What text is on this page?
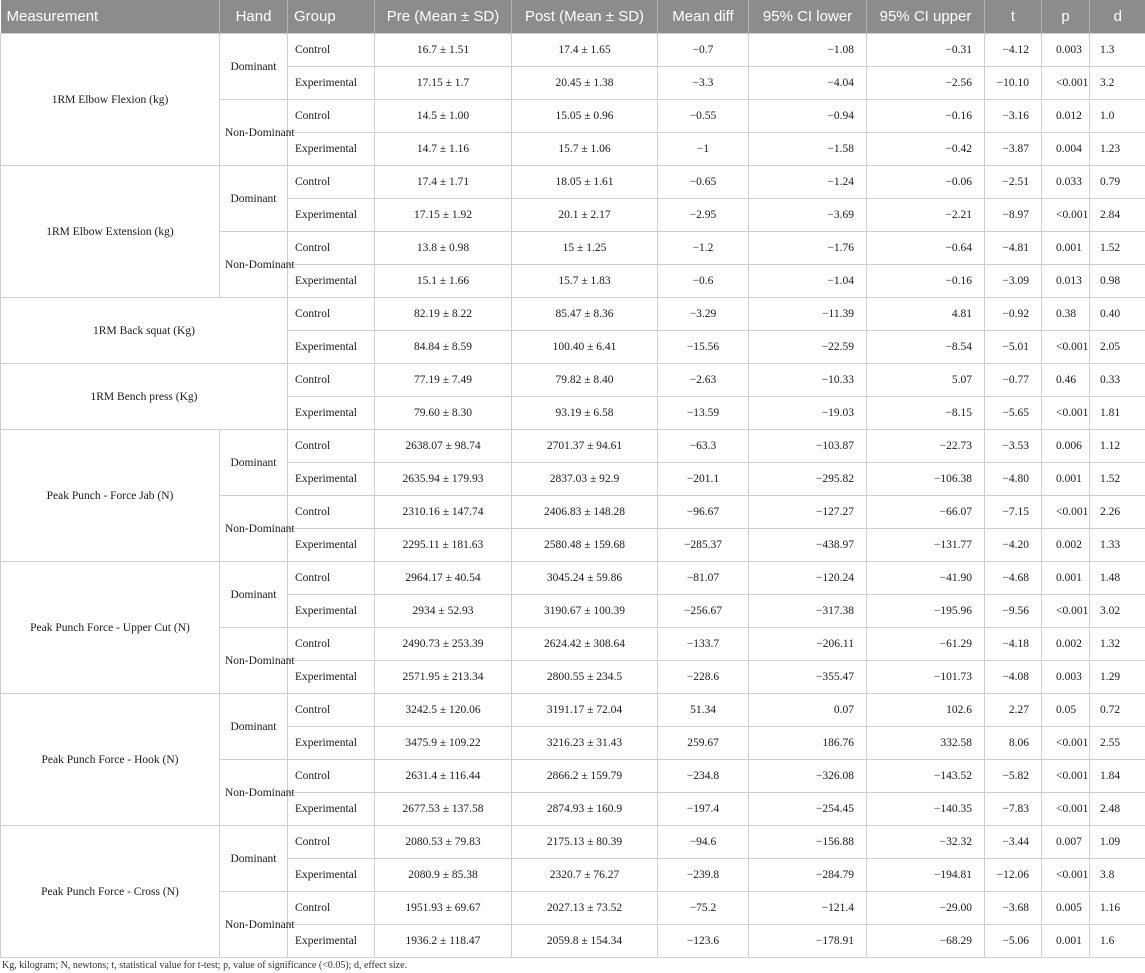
Measurement	Hand	Group	Pre (Mean ± SD)	Post (Mean ± SD)	Mean diff	95% CI lower	95% CI upper	t	p	d
1RM Elbow Flexion (kg)	Dominant	Control	16.7 ± 1.51	17.4 ± 1.65	−0.7	−1.08	−0.31	−4.12	0.003	1.3
		Experimental	17.15 ± 1.7	20.45 ± 1.38	−3.3	−4.04	−2.56	−10.10	<0.001	3.2
	Non-Dominant	Control	14.5 ± 1.00	15.05 ± 0.96	−0.55	−0.94	−0.16	−3.16	0.012	1.0
		Experimental	14.7 ± 1.16	15.7 ± 1.06	−1	−1.58	−0.42	−3.87	0.004	1.23
1RM Elbow Extension (kg)	Dominant	Control	17.4 ± 1.71	18.05 ± 1.61	−0.65	−1.24	−0.06	−2.51	0.033	0.79
		Experimental	17.15 ± 1.92	20.1 ± 2.17	−2.95	−3.69	−2.21	−8.97	<0.001	2.84
	Non-Dominant	Control	13.8 ± 0.98	15 ± 1.25	−1.2	−1.76	−0.64	−4.81	0.001	1.52
		Experimental	15.1 ± 1.66	15.7 ± 1.83	−0.6	−1.04	−0.16	−3.09	0.013	0.98
1RM Back squat (Kg)		Control	82.19 ± 8.22	85.47 ± 8.36	−3.29	−11.39	4.81	−0.92	0.38	0.40
		Experimental	84.84 ± 8.59	100.40 ± 6.41	−15.56	−22.59	−8.54	−5.01	<0.001	2.05
1RM Bench press (Kg)		Control	77.19 ± 7.49	79.82 ± 8.40	−2.63	−10.33	5.07	−0.77	0.46	0.33
		Experimental	79.60 ± 8.30	93.19 ± 6.58	−13.59	−19.03	−8.15	−5.65	<0.001	1.81
Peak Punch - Force Jab (N)	Dominant	Control	2638.07 ± 98.74	2701.37 ± 94.61	−63.3	−103.87	−22.73	−3.53	0.006	1.12
		Experimental	2635.94 ± 179.93	2837.03 ± 92.9	−201.1	−295.82	−106.38	−4.80	0.001	1.52
	Non-Dominant	Control	2310.16 ± 147.74	2406.83 ± 148.28	−96.67	−127.27	−66.07	−7.15	<0.001	2.26
		Experimental	2295.11 ± 181.63	2580.48 ± 159.68	−285.37	−438.97	−131.77	−4.20	0.002	1.33
Peak Punch Force - Upper Cut (N)	Dominant	Control	2964.17 ± 40.54	3045.24 ± 59.86	−81.07	−120.24	−41.90	−4.68	0.001	1.48
		Experimental	2934 ± 52.93	3190.67 ± 100.39	−256.67	−317.38	−195.96	−9.56	<0.001	3.02
	Non-Dominant	Control	2490.73 ± 253.39	2624.42 ± 308.64	−133.7	−206.11	−61.29	−4.18	0.002	1.32
		Experimental	2571.95 ± 213.34	2800.55 ± 234.5	−228.6	−355.47	−101.73	−4.08	0.003	1.29
Peak Punch Force - Hook (N)	Dominant	Control	3242.5 ± 120.06	3191.17 ± 72.04	51.34	0.07	102.6	2.27	0.05	0.72
		Experimental	3475.9 ± 109.22	3216.23 ± 31.43	259.67	186.76	332.58	8.06	<0.001	2.55
	Non-Dominant	Control	2631.4 ± 116.44	2866.2 ± 159.79	−234.8	−326.08	−143.52	−5.82	<0.001	1.84
		Experimental	2677.53 ± 137.58	2874.93 ± 160.9	−197.4	−254.45	−140.35	−7.83	<0.001	2.48
Peak Punch Force - Cross (N)	Dominant	Control	2080.53 ± 79.83	2175.13 ± 80.39	−94.6	−156.88	−32.32	−3.44	0.007	1.09
		Experimental	2080.9 ± 85.38	2320.7 ± 76.27	−239.8	−284.79	−194.81	−12.06	<0.001	3.8
	Non-Dominant	Control	1951.93 ± 69.67	2027.13 ± 73.52	−75.2	−121.4	−29.00	−3.68	0.005	1.16
		Experimental	1936.2 ± 118.47	2059.8 ± 154.34	−123.6	−178.91	−68.29	−5.06	0.001	1.6
Kg, kilogram; N, newtons; t, statistical value for t-test; p, value of significance (<0.05); d, effect size.
